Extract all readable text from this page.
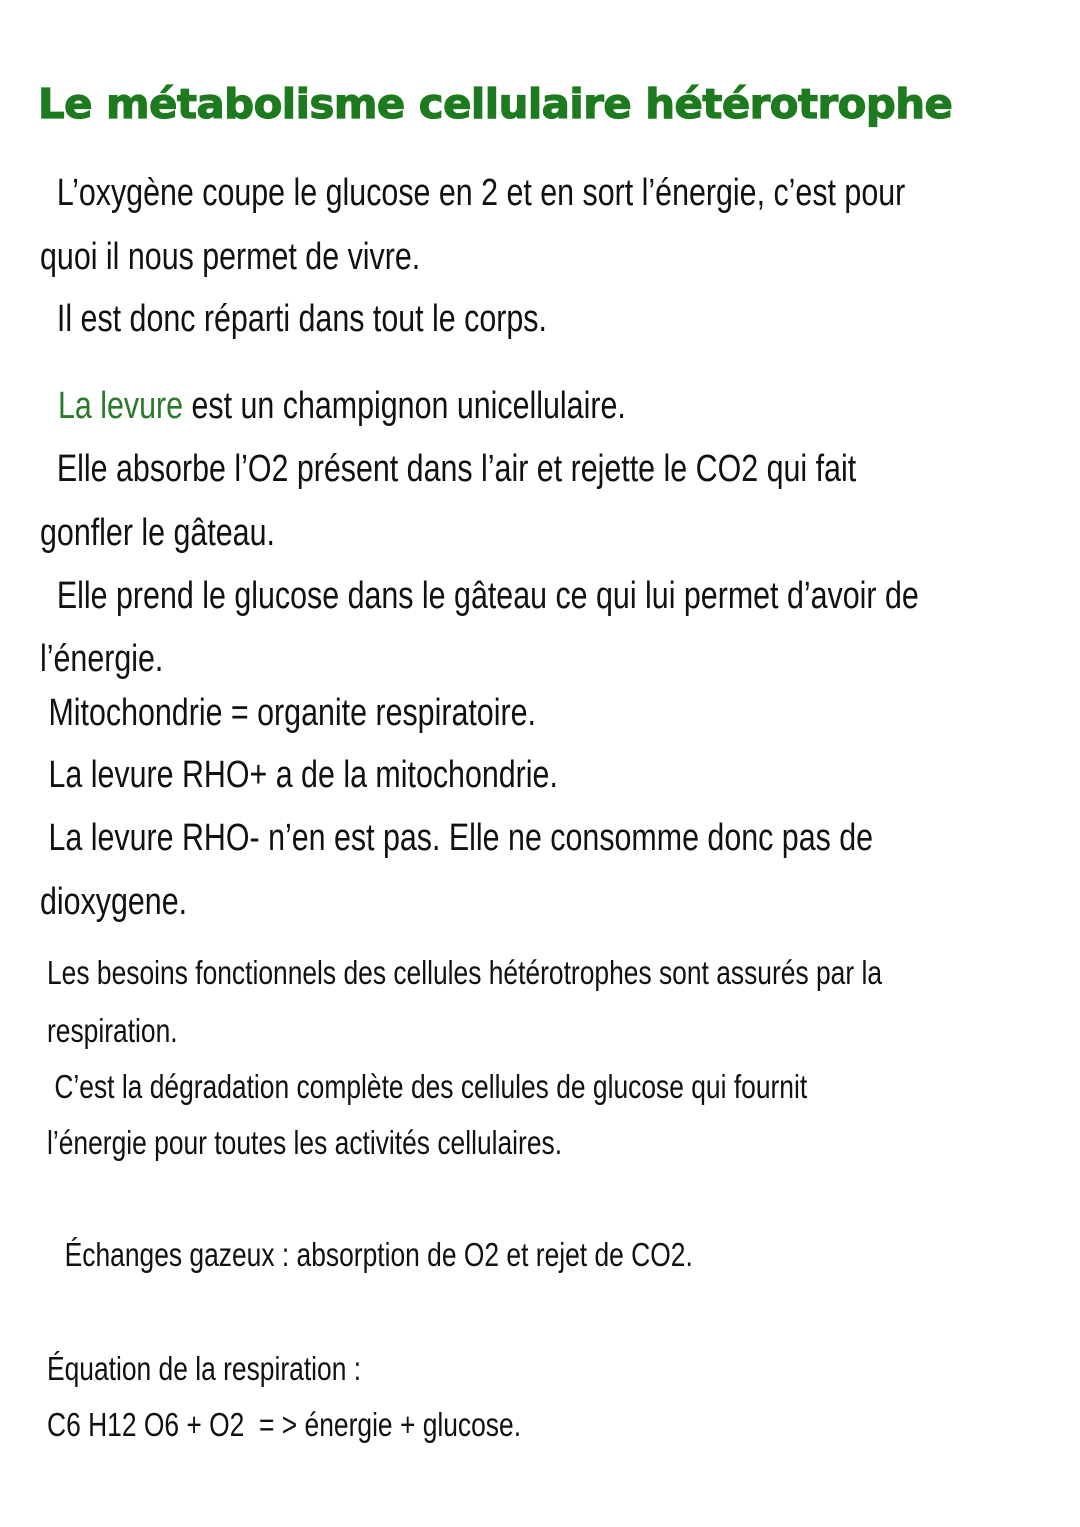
Le métabolisme cellulaire hétérotrophe
L’oxygène coupe le glucose en 2 et en sort l’énergie, c’est pour
quoi il nous permet de vivre.
Il est donc réparti dans tout le corps.
La levure est un champignon unicellulaire.
Elle absorbe l’O2 présent dans l’air et rejette le CO2 qui fait
gonfler le gâteau.
Elle prend le glucose dans le gâteau ce qui lui permet d’avoir de
l’énergie.
Mitochondrie = organite respiratoire.
La levure RHO+ a de la mitochondrie.
La levure RHO- n’en est pas. Elle ne consomme donc pas de
dioxygene.
Les besoins fonctionnels des cellules hétérotrophes sont assurés par la
respiration.
C’est la dégradation complète des cellules de glucose qui fournit
l’énergie pour toutes les activités cellulaires.
Échanges gazeux : absorption de O2 et rejet de CO2.
Équation de la respiration :
C6 H12 O6 + O2  = > énergie + glucose.
